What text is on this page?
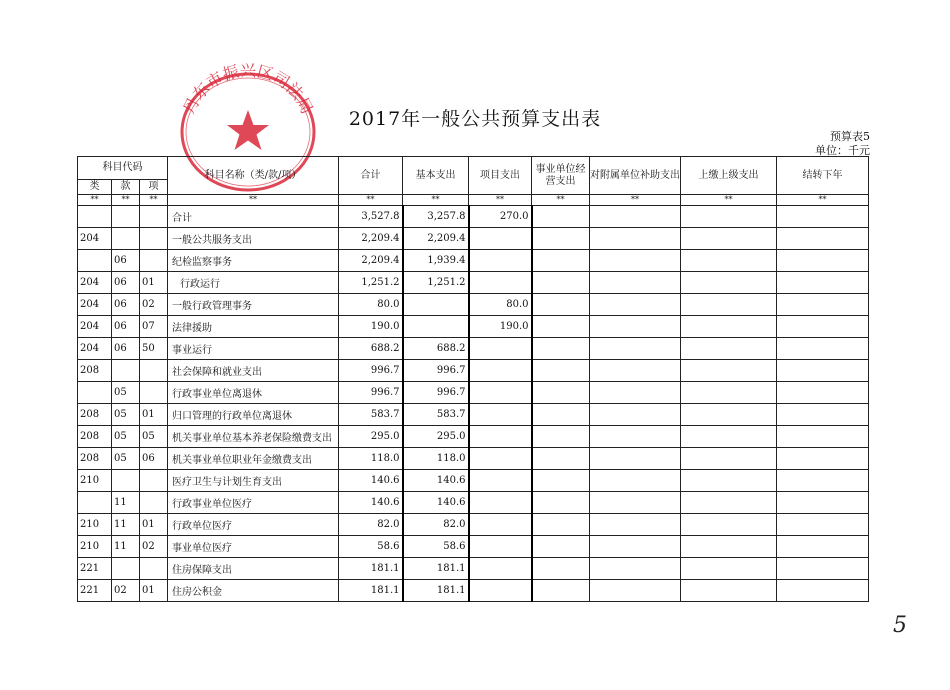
丹东市振兴区司法局
2017年一般公共预算支出表
预算表5
单位：千元
科目代码			科目名称（类/款/项）	合计	基本支出	项目支出	事业单位经营支出	对附属单位补助支出	上缴上级支出	结转下年
类	款	项								
**	**	**	**	**	**	**	**	**	**	**
			合计	3,527.8	3,257.8	270.0				
204			一般公共服务支出	2,209.4	2,209.4					
	06		纪检监察事务	2,209.4	1,939.4					
204	06	01	行政运行	1,251.2	1,251.2					
204	06	02	一般行政管理事务	80.0		80.0				
204	06	07	法律援助	190.0		190.0				
204	06	50	事业运行	688.2	688.2					
208			社会保障和就业支出	996.7	996.7					
	05		行政事业单位离退休	996.7	996.7					
208	05	01	归口管理的行政单位离退休	583.7	583.7					
208	05	05	机关事业单位基本养老保险缴费支出	295.0	295.0					
208	05	06	机关事业单位职业年金缴费支出	118.0	118.0					
210			医疗卫生与计划生育支出	140.6	140.6					
	11		行政事业单位医疗	140.6	140.6					
210	11	01	行政单位医疗	82.0	82.0					
210	11	02	事业单位医疗	58.6	58.6					
221			住房保障支出	181.1	181.1					
221	02	01	住房公积金	181.1	181.1					
5
